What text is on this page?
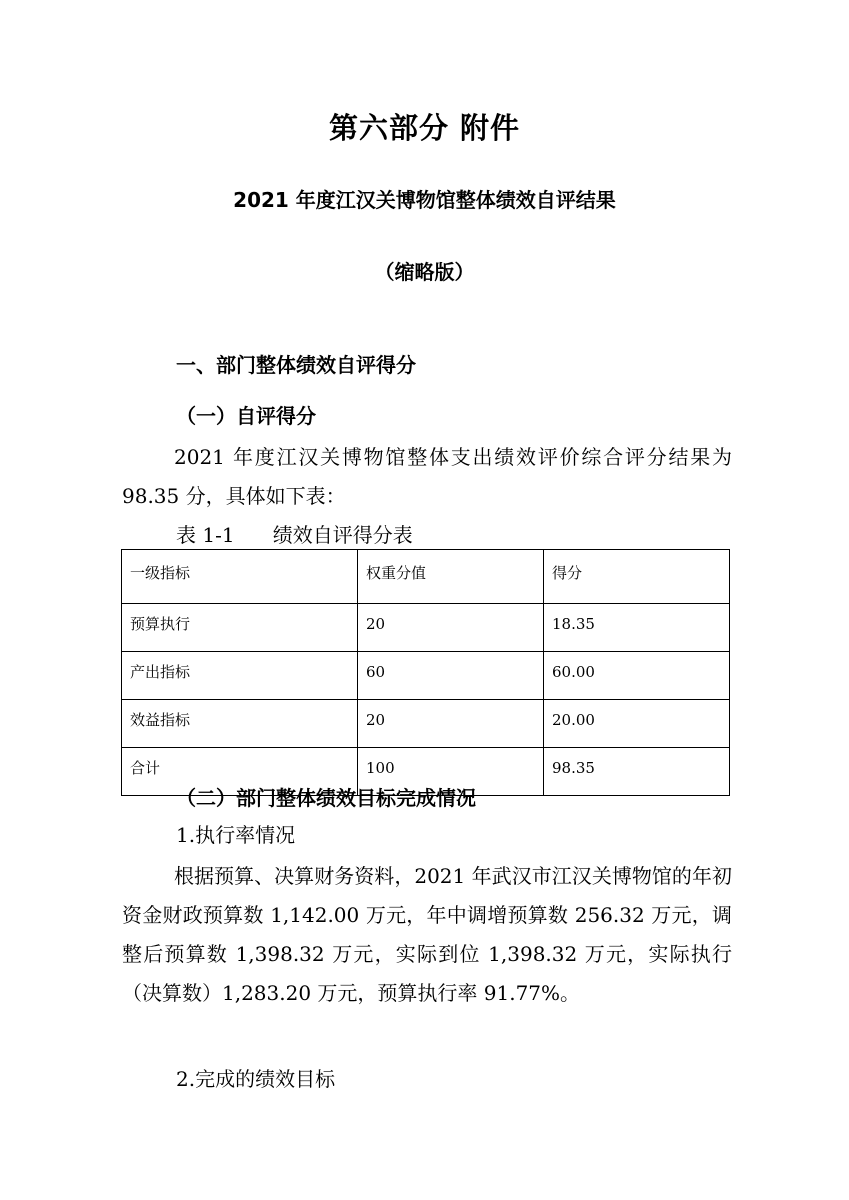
第六部分 附件
2021 年度江汉关博物馆整体绩效自评结果
（缩略版）
一、部门整体绩效自评得分
（一）自评得分

2021 年度江汉关博物馆整体支出绩效评价综合评分结果为 98.35 分，具体如下表：

表 1-1      绩效自评得分表
一级指标	权重分值	得分
预算执行	20	18.35
产出指标	60	60.00
效益指标	20	20.00
合计	100	98.35
（二）部门整体绩效目标完成情况
1.执行率情况

根据预算、决算财务资料，2021 年武汉市江汉关博物馆的年初资金财政预算数 1,142.00 万元，年中调增预算数 256.32 万元，调整后预算数 1,398.32 万元，实际到位 1,398.32 万元，实际执行（决算数）1,283.20 万元，预算执行率 91.77%。

2.完成的绩效目标
